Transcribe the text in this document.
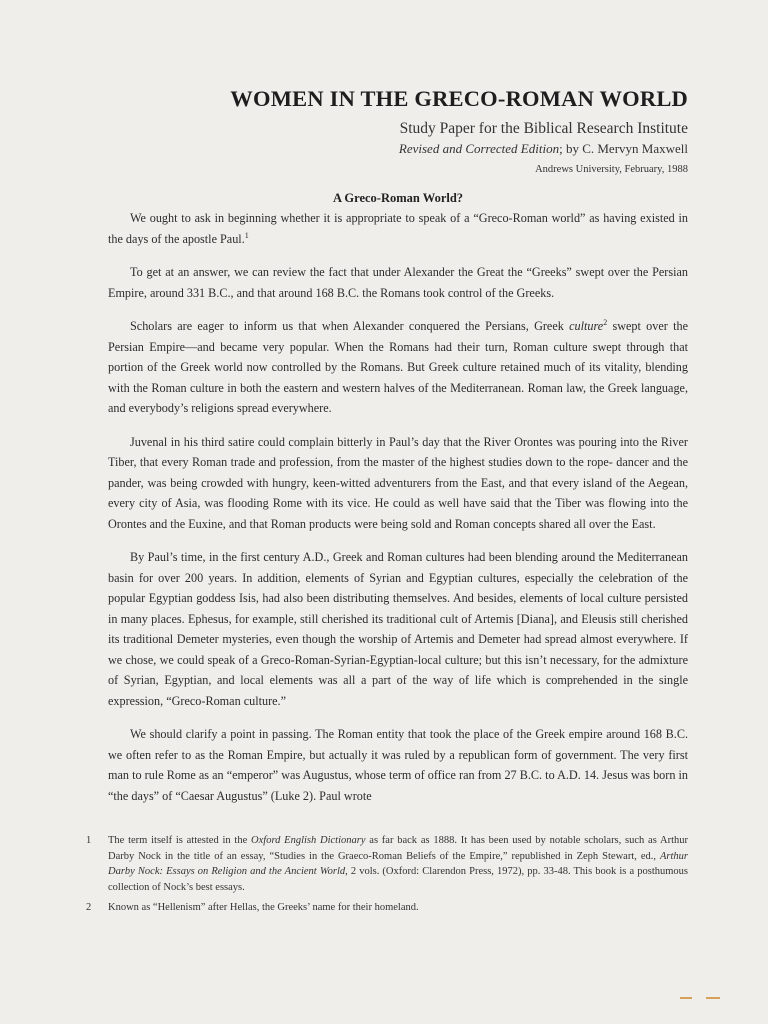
WOMEN IN THE GRECO-ROMAN WORLD
Study Paper for the Biblical Research Institute
Revised and Corrected Edition; by C. Mervyn Maxwell
Andrews University, February, 1988
A Greco-Roman World?

We ought to ask in beginning whether it is appropriate to speak of a “Greco-Roman world” as having existed in the days of the apostle Paul.$^1$

To get at an answer, we can review the fact that under Alexander the Great the “Greeks” swept over the Persian Empire, around 331 B.C., and that around 168 B.C. the Romans took control of the Greeks.

Scholars are eager to inform us that when Alexander conquered the Persians, Greek culture$^2$ swept over the Persian Empire—and became very popular. When the Romans had their turn, Roman culture swept through that portion of the Greek world now controlled by the Romans. But Greek culture retained much of its vitality, blending with the Roman culture in both the eastern and western halves of the Mediterranean. Roman law, the Greek language, and everybody’s religions spread everywhere.

Juvenal in his third satire could complain bitterly in Paul’s day that the River Orontes was pouring into the River Tiber, that every Roman trade and profession, from the master of the highest studies down to the rope- dancer and the pander, was being crowded with hungry, keen-witted adventurers from the East, and that every island of the Aegean, every city of Asia, was flooding Rome with its vice. He could as well have said that the Tiber was flowing into the Orontes and the Euxine, and that Roman products were being sold and Roman concepts shared all over the East.

By Paul’s time, in the first century A.D., Greek and Roman cultures had been blending around the Mediterranean basin for over 200 years. In addition, elements of Syrian and Egyptian cultures, especially the celebration of the popular Egyptian goddess Isis, had also been distributing themselves. And besides, elements of local culture persisted in many places. Ephesus, for example, still cherished its traditional cult of Artemis [Diana], and Eleusis still cherished its traditional Demeter mysteries, even though the worship of Artemis and Demeter had spread almost everywhere. If we chose, we could speak of a Greco-Roman-Syrian-Egyptian-local culture; but this isn’t necessary, for the admixture of Syrian, Egyptian, and local elements was all a part of the way of life which is comprehended in the single expression, “Greco-Roman culture.”

We should clarify a point in passing. The Roman entity that took the place of the Greek empire around 168 B.C. we often refer to as the Roman Empire, but actually it was ruled by a republican form of government. The very first man to rule Rome as an “emperor” was Augustus, whose term of office ran from 27 B.C. to A.D. 14. Jesus was born in “the days” of “Caesar Augustus” (Luke 2). Paul wrote

1	The term itself is attested in the Oxford English Dictionary as far back as 1888. It has been used by notable scholars, such as Arthur Darby Nock in the title of an essay, “Studies in the Graeco-Roman Beliefs of the Empire,” republished in Zeph Stewart, ed., Arthur Darby Nock: Essays on Religion and the Ancient World, 2 vols. (Oxford: Clarendon Press, 1972), pp. 33-48. This book is a posthumous collection of Nock’s best essays.
2	Known as “Hellenism” after Hellas, the Greeks’ name for their homeland.
